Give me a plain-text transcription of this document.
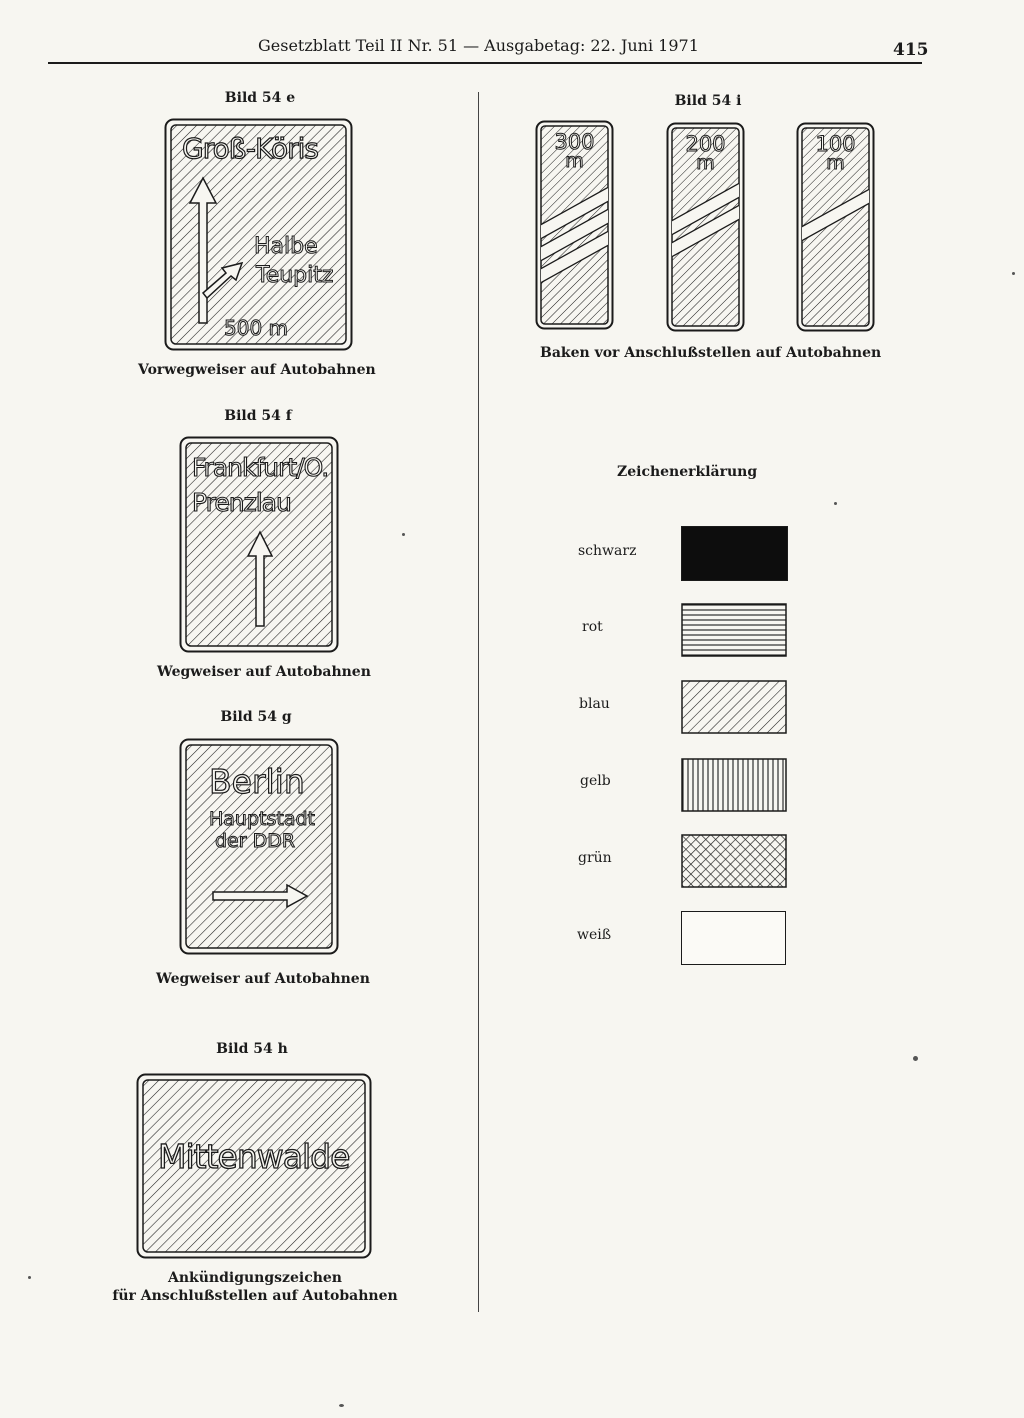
Gesetzblatt Teil II Nr. 51 — Ausgabetag: 22. Juni 1971	415
Bild 54 e
Groß-Köris
Halbe
Teupitz
500 m
Vorwegweiser auf Autobahnen
Bild 54 f
Frankfurt/O.
Prenzlau
Wegweiser auf Autobahnen
Bild 54 g
Berlin
Hauptstadt
der DDR
Wegweiser auf Autobahnen
Bild 54 h
Mittenwalde
Ankündigungszeichen
für Anschlußstellen auf Autobahnen
Bild 54 i
300
m
200
m
100
m
Baken vor Anschlußstellen auf Autobahnen
Zeichenerklärung
schwarz
rot
blau
gelb
grün
weiß
